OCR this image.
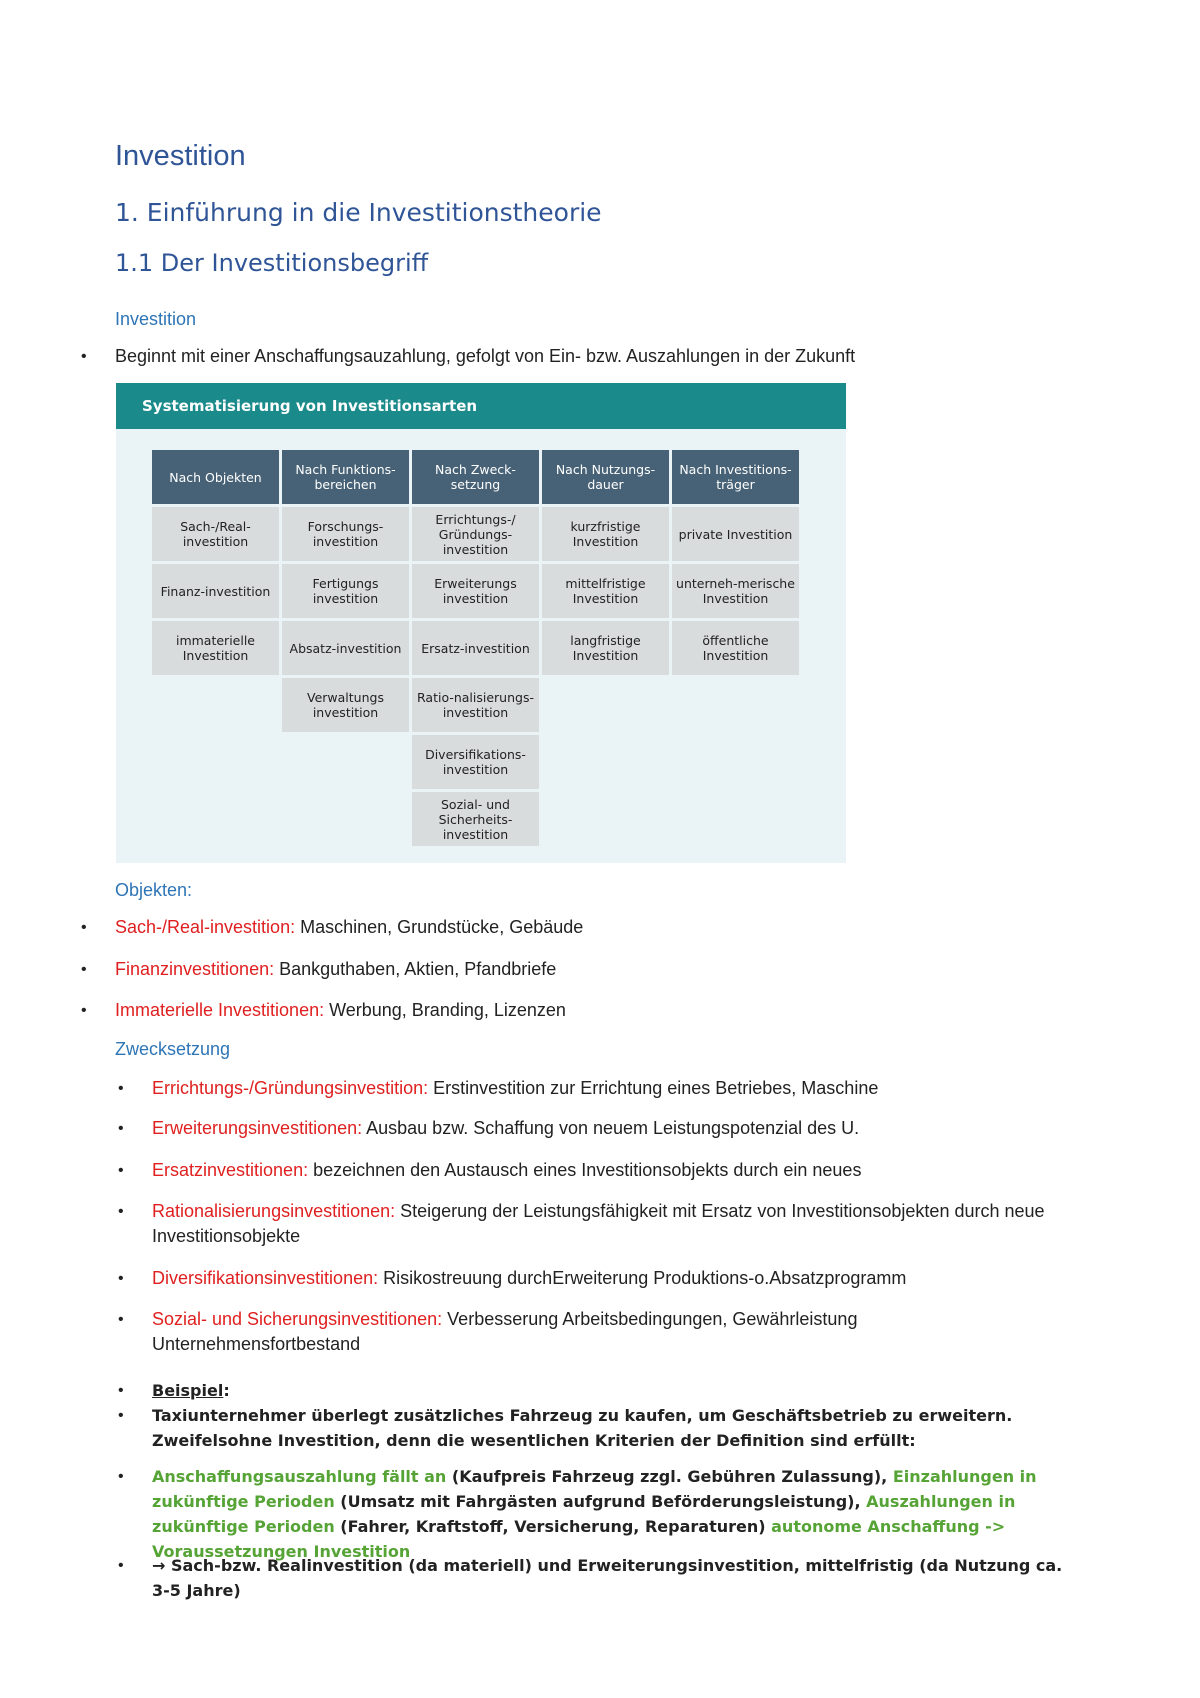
Investition
1. Einführung in die Investitionstheorie
1.1 Der Investitionsbegriff
Investition
• Beginnt mit einer Anschaffungsauzahlung, gefolgt von Ein- bzw. Auszahlungen in der Zukunft
Systematisierung von Investitionsarten
Nach Objekten
Sach-/Real-investition
Finanz-investition
immaterielle Investition
Nach Funktions-bereichen
Forschungs-investition
Fertigungs investition
Absatz-investition
Verwaltungs investition
Nach Zweck-setzung
Errichtungs-/ Gründungs-investition
Erweiterungs investition
Ersatz-investition
Ratio-nalisierungs-investition
Diversifikations-investition
Sozial- und Sicherheits-investition
Nach Nutzungs-dauer
kurzfristige Investition
mittelfristige Investition
langfristige Investition
Nach Investitions-träger
private Investition
unterneh-merische Investition
öffentliche Investition
Objekten:
• Sach-/Real-investition: Maschinen, Grundstücke, Gebäude
• Finanzinvestitionen: Bankguthaben, Aktien, Pfandbriefe
• Immaterielle Investitionen: Werbung, Branding, Lizenzen
Zwecksetzung
• Errichtungs-/Gründungsinvestition: Erstinvestition zur Errichtung eines Betriebes, Maschine
• Erweiterungsinvestitionen: Ausbau bzw. Schaffung von neuem Leistungspotenzial des U.
• Ersatzinvestitionen: bezeichnen den Austausch eines Investitionsobjekts durch ein neues
• Rationalisierungsinvestitionen: Steigerung der Leistungsfähigkeit mit Ersatz von Investitionsobjekten durch neue Investitionsobjekte
• Diversifikationsinvestitionen: Risikostreuung durchErweiterung Produktions-o.Absatzprogramm
• Sozial- und Sicherungsinvestitionen: Verbesserung Arbeitsbedingungen, Gewährleistung Unternehmensfortbestand
• Beispiel:
• Taxiunternehmer überlegt zusätzliches Fahrzeug zu kaufen, um Geschäftsbetrieb zu erweitern. Zweifelsohne Investition, denn die wesentlichen Kriterien der Definition sind erfüllt:
• Anschaffungsauszahlung fällt an (Kaufpreis Fahrzeug zzgl. Gebühren Zulassung), Einzahlungen in zukünftige Perioden (Umsatz mit Fahrgästen aufgrund Beförderungsleistung), Auszahlungen in zukünftige Perioden (Fahrer, Kraftstoff, Versicherung, Reparaturen) autonome Anschaffung -> Voraussetzungen Investition
• → Sach-bzw. Realinvestition (da materiell) und Erweiterungsinvestition, mittelfristig (da Nutzung ca. 3-5 Jahre)
